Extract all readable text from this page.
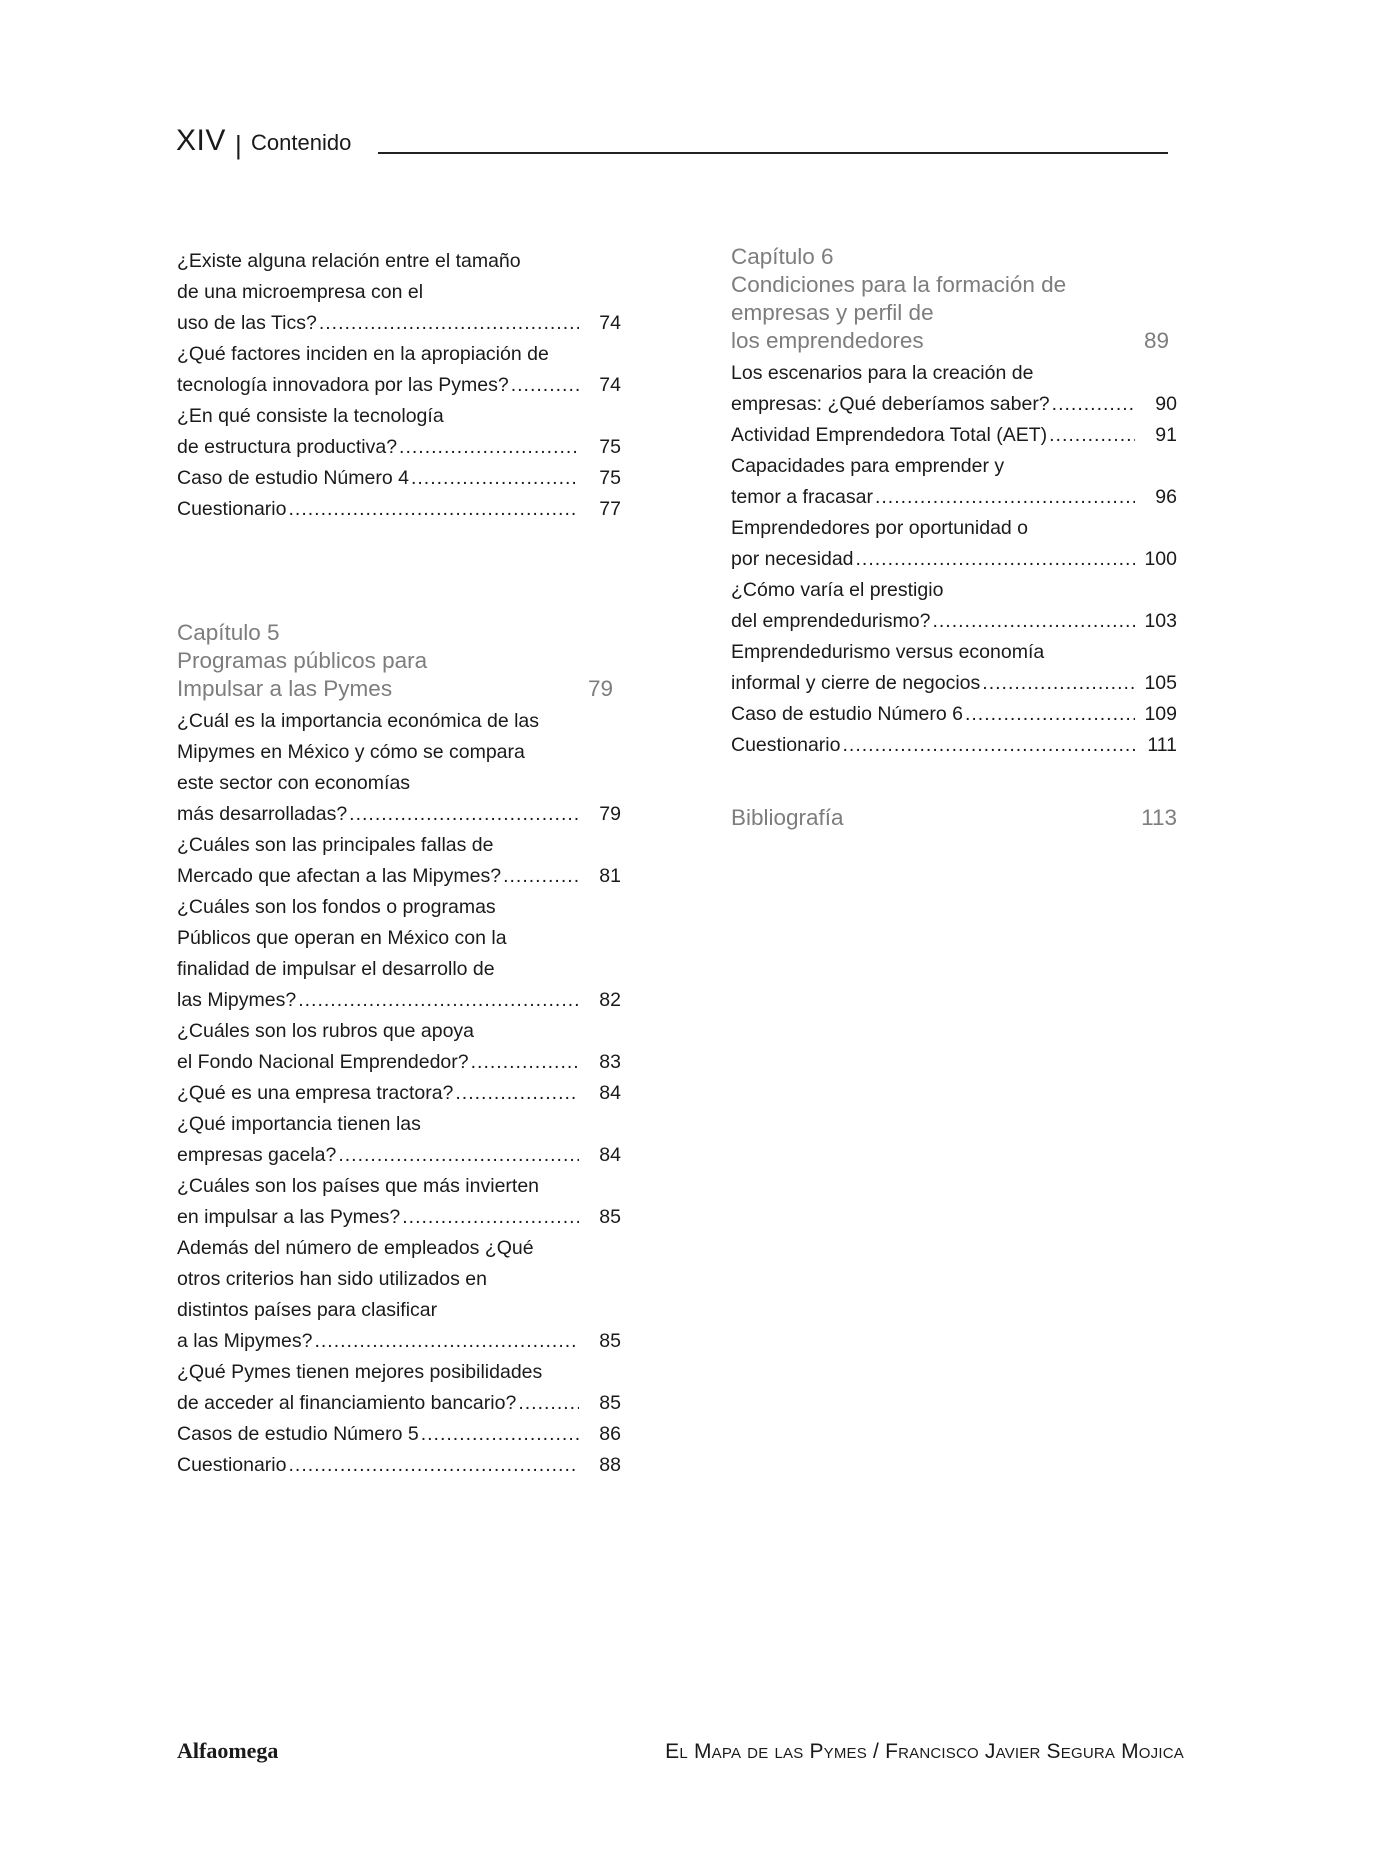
XIV | Contenido
¿Existe alguna relación entre el tamaño
de una microempresa con el
uso de las Tics? .....	74
¿Qué factores inciden en la apropiación de
tecnología innovadora por las Pymes? .....	74
¿En qué consiste la tecnología
de estructura productiva? .....	75
Caso de estudio Número 4 .....	75
Cuestionario .....	77
Capítulo 5
Programas públicos para
Impulsar a las Pymes	79
¿Cuál es la importancia económica de las
Mipymes en México y cómo se compara
este sector con economías
más desarrolladas? .....	79
¿Cuáles son las principales fallas de
Mercado que afectan a las Mipymes? .....	81
¿Cuáles son los fondos o programas
Públicos que operan en México con la
finalidad de impulsar el desarrollo de
las Mipymes? .....	82
¿Cuáles son los rubros que apoya
el Fondo Nacional Emprendedor? .....	83
¿Qué es una empresa tractora? .....	84
¿Qué importancia tienen las
empresas gacela? .....	84
¿Cuáles son los países que más invierten
en impulsar a las Pymes? .....	85
Además del número de empleados ¿Qué
otros criterios han sido utilizados en
distintos países para clasificar
a las Mipymes? .....	85
¿Qué Pymes tienen mejores posibilidades
de acceder al financiamiento bancario? .....	85
Casos de estudio Número 5 .....	86
Cuestionario .....	88
Capítulo 6
Condiciones para la formación de
empresas y perfil de
los emprendedores	89
Los escenarios para la creación de
empresas: ¿Qué deberíamos saber? .....	90
Actividad Emprendedora Total (AET) .....	91
Capacidades para emprender y
temor a fracasar .....	96
Emprendedores por oportunidad o
por necesidad .....	100
¿Cómo varía el prestigio
del emprendedurismo? .....	103
Emprendedurismo versus economía
informal y cierre de negocios .....	105
Caso de estudio Número 6 .....	109
Cuestionario .....	111
Bibliografía	113
Alfaomega	El Mapa de las Pymes / Francisco Javier Segura Mojica
